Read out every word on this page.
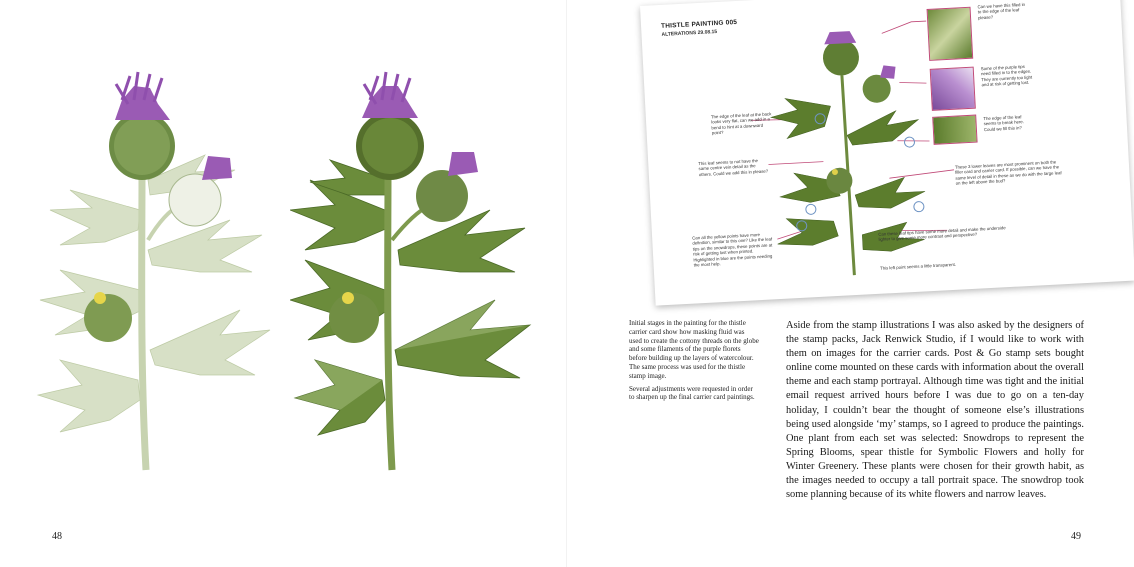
48
THISTLE PAINTING 005
ALTERATIONS 29.08.15
Can we have this filled in to the edge of the leaf please?
Some of the purple tips need filled in to the edges. They are currently too light and at risk of getting lost.
The edge of the leaf seems to break here. Could we fill this in?
The edge of the leaf at the back looks very flat, can we add in a bend to hint at a downward point?
This leaf seems to not have the same centre vein detail as the others. Could we add this in please?
These 3 lower leaves are most prominent on both the filler card and carrier card. If possible, can we have the same level of detail in these as we do with the large leaf on the left above the bud?
Can all the yellow points have more definition, similar to this one? Like the leaf tips on the snowdrops, these points are at risk of getting lost when printed. Highlighted in blue are the points needing the most help.
Can these leaf tips have some more detail and make the underside lighter to give some more contrast and perspective?
This left point seems a little transparent.

Initial stages in the painting for the thistle carrier card show how masking fluid was used to create the cottony threads on the globe and some filaments of the purple florets before building up the layers of watercolour. The same process was used for the thistle stamp image.

Several adjustments were requested in order to sharpen up the final carrier card paintings.

Aside from the stamp illustrations I was also asked by the designers of the stamp packs, Jack Renwick Studio, if I would like to work with them on images for the carrier cards. Post & Go stamp sets bought online come mounted on these cards with information about the overall theme and each stamp portrayal. Although time was tight and the initial email request arrived hours before I was due to go on a ten-day holiday, I couldn’t bear the thought of someone else’s illustrations being used alongside ‘my’ stamps, so I agreed to produce the paintings. One plant from each set was selected: Snowdrops to represent the Spring Blooms, spear thistle for Symbolic Flowers and holly for Winter Greenery. These plants were chosen for their growth habit, as the images needed to occupy a tall portrait space. The snowdrop took some planning because of its white flowers and narrow leaves.
49
